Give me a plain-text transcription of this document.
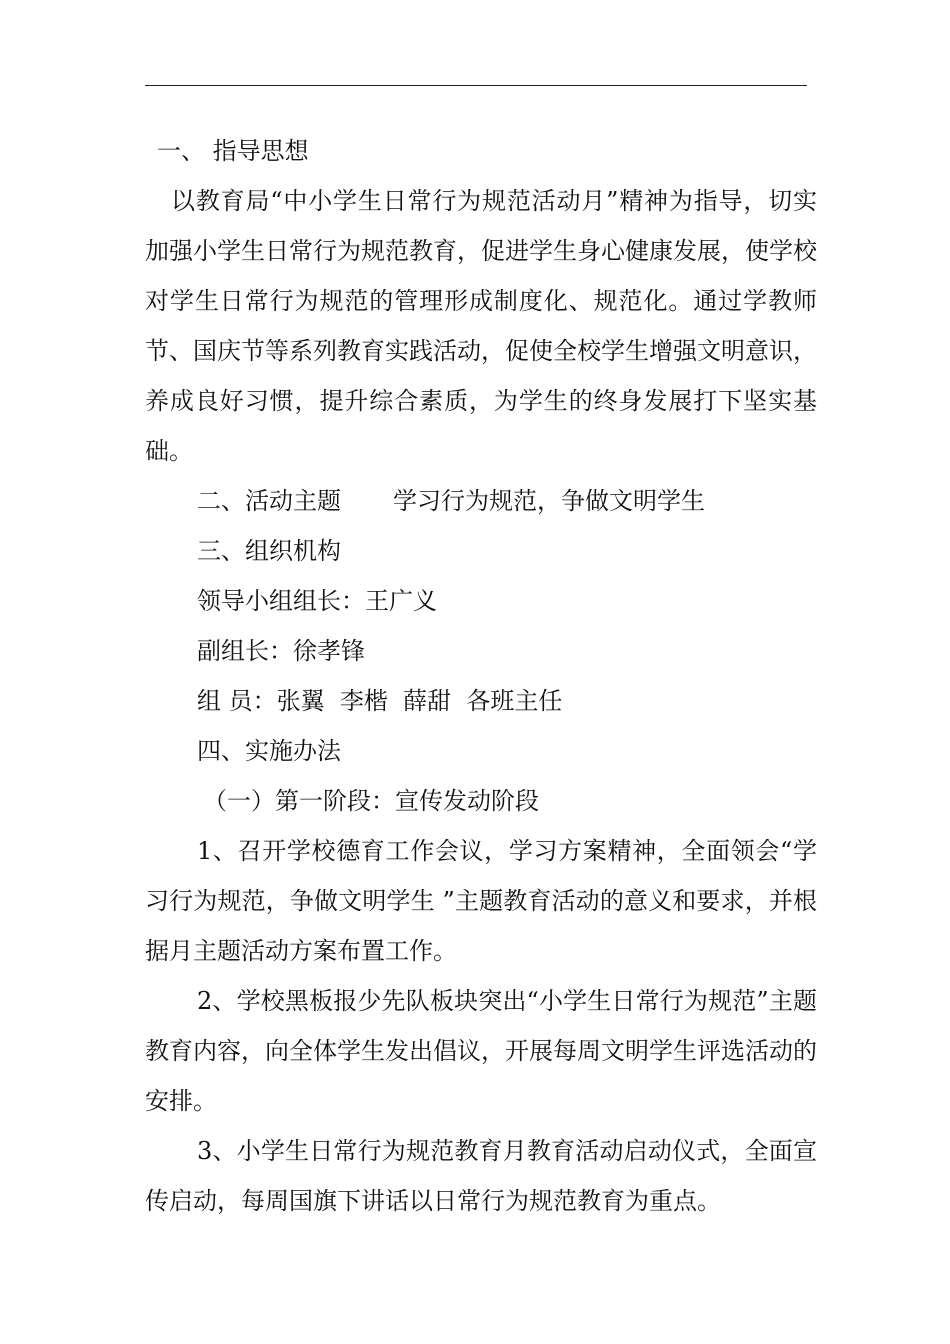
一、 指导思想

以教育局“中小学生日常行为规范活动月”精神为指导，切实加强小学生日常行为规范教育，促进学生身心健康发展，使学校对学生日常行为规范的管理形成制度化、规范化。通过学教师节、国庆节等系列教育实践活动，促使全校学生增强文明意识，养成良好习惯，提升综合素质，为学生的终身发展打下坚实基础。

二、活动主题 学习行为规范，争做文明学生

三、组织机构

领导小组组长：王广义

副组长：徐孝锋

组 员：张翼  李楷  薛甜  各班主任

四、实施办法

（一）第一阶段：宣传发动阶段

1、召开学校德育工作会议，学习方案精神，全面领会“学习行为规范，争做文明学生 ”主题教育活动的意义和要求，并根据月主题活动方案布置工作。

2、学校黑板报少先队板块突出“小学生日常行为规范”主题教育内容，向全体学生发出倡议，开展每周文明学生评选活动的安排。

3、小学生日常行为规范教育月教育活动启动仪式，全面宣传启动，每周国旗下讲话以日常行为规范教育为重点。
